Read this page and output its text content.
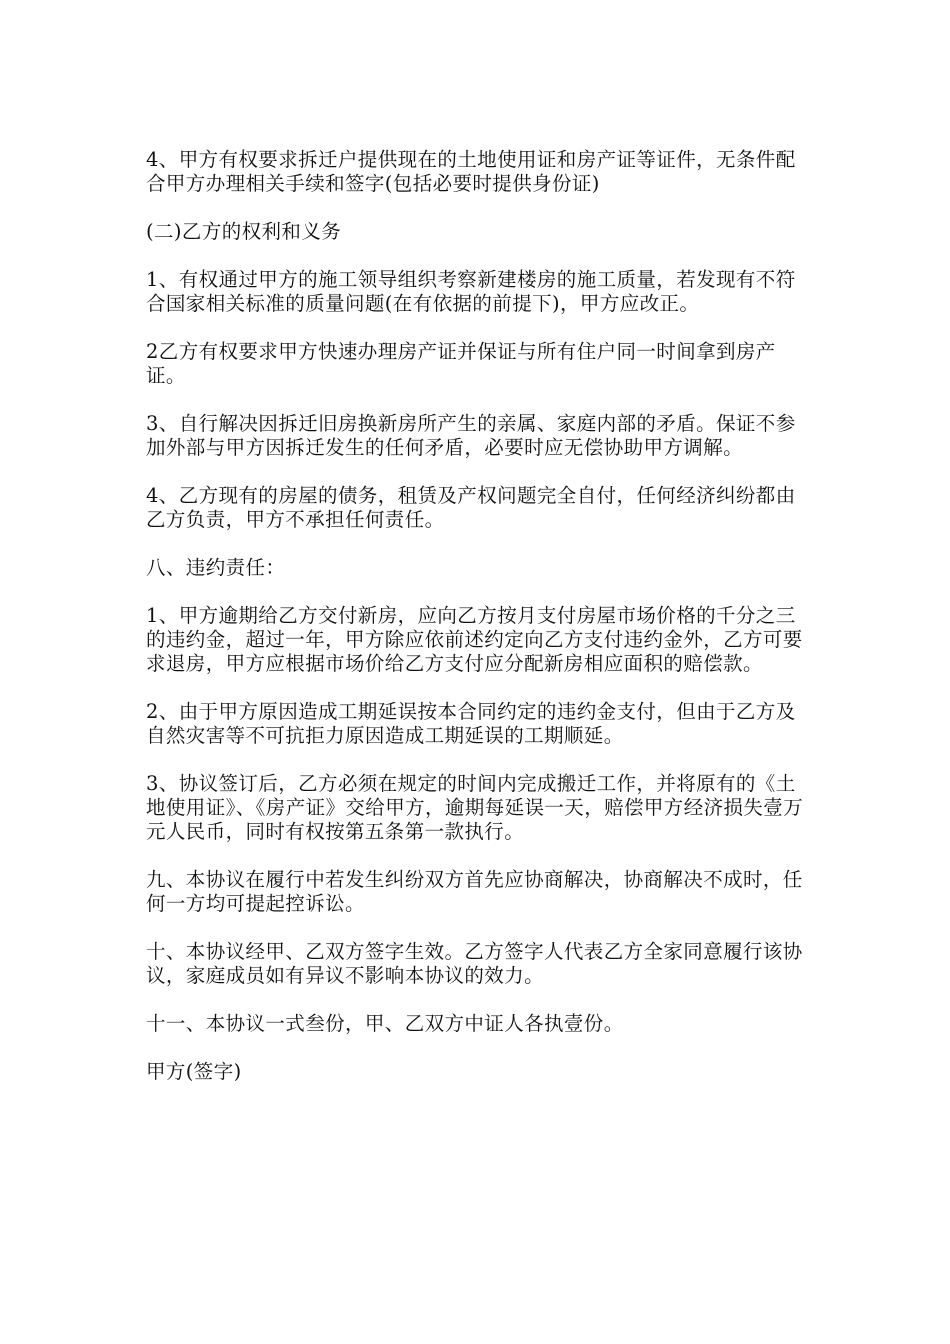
4、甲方有权要求拆迁户提供现在的土地使用证和房产证等证件，无条件配合甲方办理相关手续和签字(包括必要时提供身份证)

(二)乙方的权利和义务

1、有权通过甲方的施工领导组织考察新建楼房的施工质量，若发现有不符合国家相关标准的质量问题(在有依据的前提下)，甲方应改正。

2乙方有权要求甲方快速办理房产证并保证与所有住户同一时间拿到房产证。

3、自行解决因拆迁旧房换新房所产生的亲属、家庭内部的矛盾。保证不参加外部与甲方因拆迁发生的任何矛盾，必要时应无偿协助甲方调解。

4、乙方现有的房屋的债务，租赁及产权问题完全自付，任何经济纠纷都由乙方负责，甲方不承担任何责任。

八、违约责任：

1、甲方逾期给乙方交付新房，应向乙方按月支付房屋市场价格的千分之三的违约金，超过一年，甲方除应依前述约定向乙方支付违约金外，乙方可要求退房，甲方应根据市场价给乙方支付应分配新房相应面积的赔偿款。

2、由于甲方原因造成工期延误按本合同约定的违约金支付，但由于乙方及自然灾害等不可抗拒力原因造成工期延误的工期顺延。

3、协议签订后，乙方必须在规定的时间内完成搬迁工作，并将原有的《土地使用证》、《房产证》交给甲方，逾期每延误一天，赔偿甲方经济损失壹万元人民币，同时有权按第五条第一款执行。

九、本协议在履行中若发生纠纷双方首先应协商解决，协商解决不成时，任何一方均可提起控诉讼。

十、本协议经甲、乙双方签字生效。乙方签字人代表乙方全家同意履行该协议，家庭成员如有异议不影响本协议的效力。

十一、本协议一式叁份，甲、乙双方中证人各执壹份。

甲方(签字)
